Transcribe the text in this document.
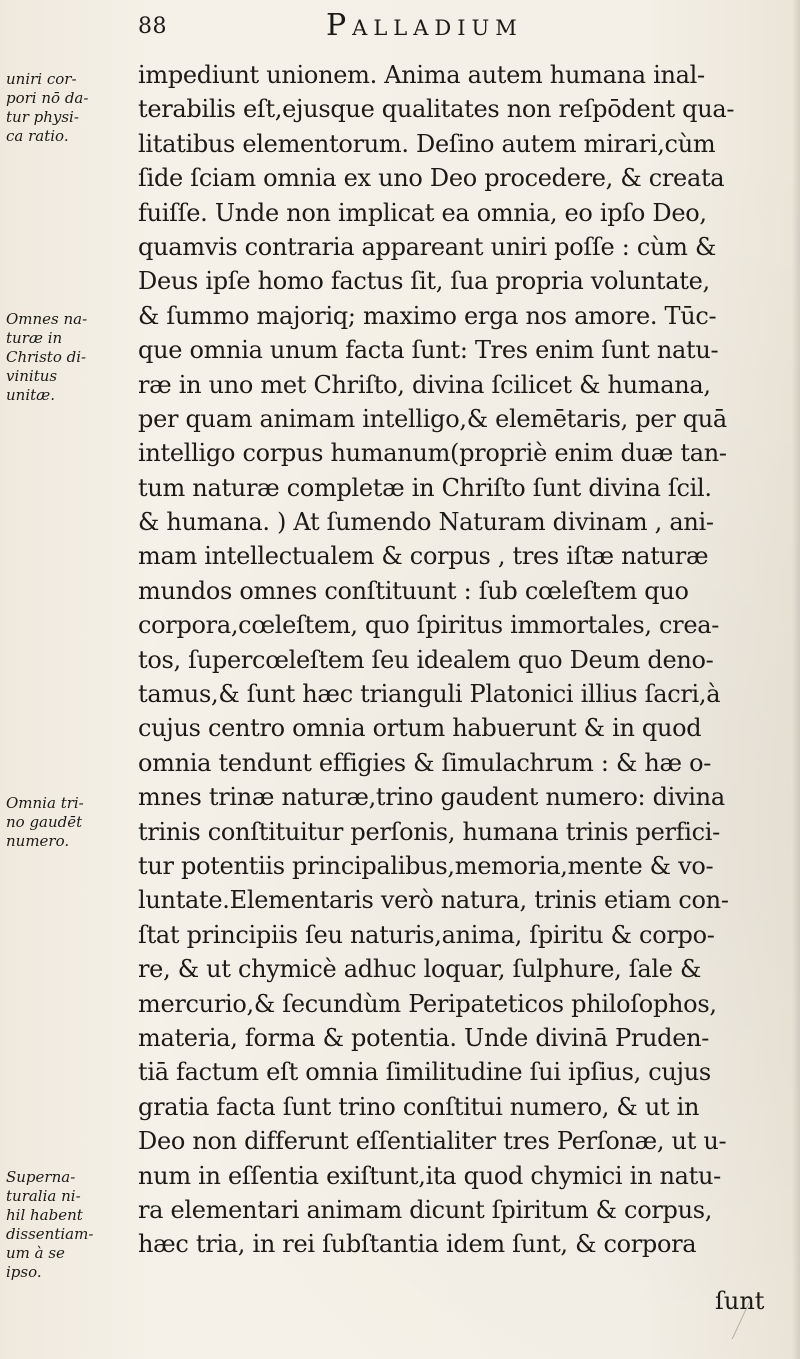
88	Palladium
uniri cor-
pori nō da-
tur physi-
ca ratio.
Omnes na-
turæ in
Christo di-
vinitus
unitæ.
Omnia tri-
no gaudēt
numero.
Superna-
turalia ni-
hil habent
dissentiam-
um à se
ipso.
impediunt unionem. Anima autem humana inal-
terabilis eſt,ejusque qualitates non reſpōdent qua-
litatibus elementorum. Deſino autem mirari,cùm
ſide ſciam omnia ex uno Deo procedere, & creata
fuiſſe. Unde non implicat ea omnia, eo ipſo Deo,
quamvis contraria appareant uniri poſſe : cùm &
Deus ipſe homo factus ſit, ſua propria voluntate,
& ſummo majoriq; maximo erga nos amore. Tūc-
que omnia unum facta ſunt: Tres enim ſunt natu-
ræ in uno met Chriſto, divina ſcilicet & humana,
per quam animam intelligo,& elemētaris, per quā
intelligo corpus humanum(propriè enim duæ tan-
tum naturæ completæ in Chriſto ſunt divina ſcil.
& humana. ) At ſumendo Naturam divinam , ani-
mam intellectualem & corpus , tres iſtæ naturæ
mundos omnes conſtituunt : ſub cœleſtem quo
corpora,cœleſtem, quo ſpiritus immortales, crea-
tos, ſupercœleſtem ſeu idealem quo Deum deno-
tamus,& ſunt hæc trianguli Platonici illius ſacri,à
cujus centro omnia ortum habuerunt & in quod
omnia tendunt effigies & ſimulachrum : & hæ o-
mnes trinæ naturæ,trino gaudent numero: divina
trinis conſtituitur perſonis, humana trinis perfici-
tur potentiis principalibus,memoria,mente & vo-
luntate.Elementaris verò natura, trinis etiam con-
ſtat principiis ſeu naturis,anima, ſpiritu & corpo-
re, & ut chymicè adhuc loquar, ſulphure, ſale &
mercurio,& ſecundùm Peripateticos philoſophos,
materia, forma & potentia. Unde divinā Pruden-
tiā factum eſt omnia ſimilitudine ſui ipſius, cujus
gratia facta ſunt trino conſtitui numero, & ut in
Deo non differunt eſſentialiter tres Perſonæ, ut u-
num in eſſentia exiſtunt,ita quod chymici in natu-
ra elementari animam dicunt ſpiritum & corpus,
hæc tria, in rei ſubſtantia idem ſunt, & corpora
ſunt
